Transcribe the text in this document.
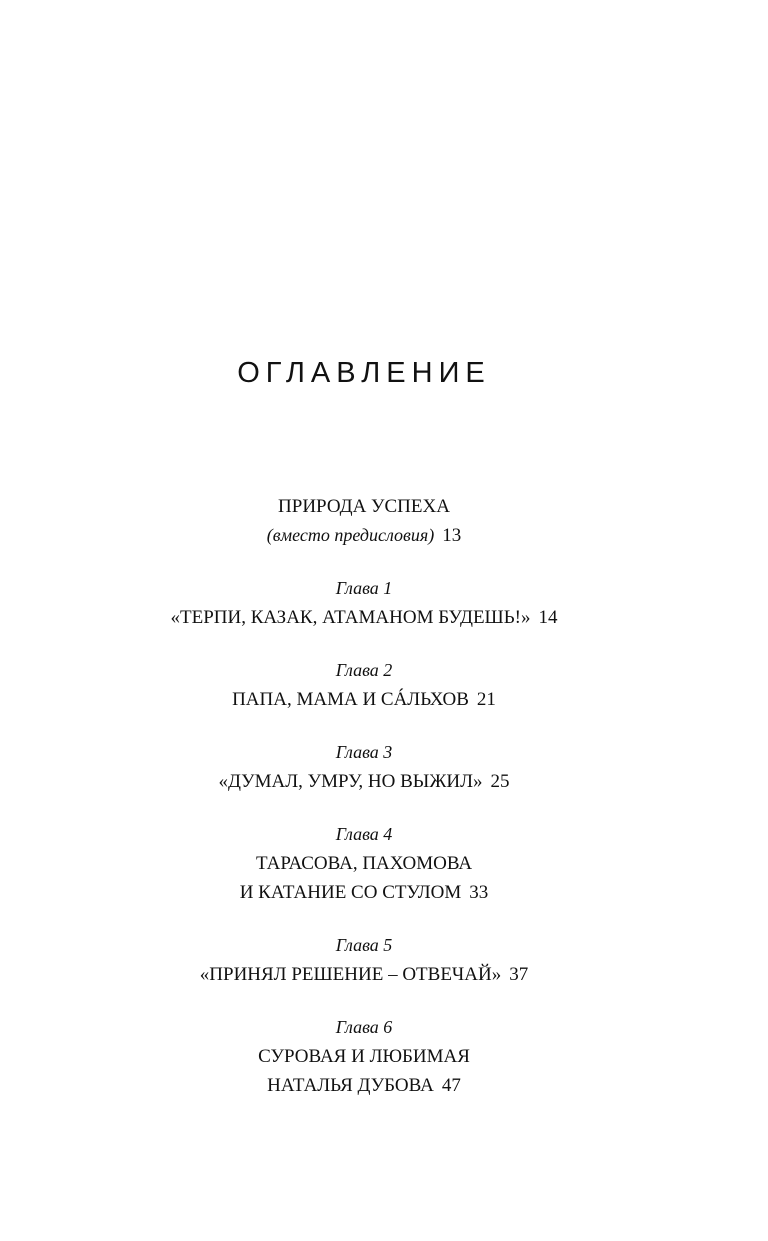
ОГЛАВЛЕНИЕ
ПРИРОДА УСПЕХА
(вместо предисловия) 13
Глава 1
«ТЕРПИ, КАЗАК, АТАМАНОМ БУДЕШЬ!» 14
Глава 2
ПАПА, МАМА И СÁЛЬХОВ 21
Глава 3
«ДУМАЛ, УМРУ, НО ВЫЖИЛ» 25
Глава 4
ТАРАСОВА, ПАХОМОВА
И КАТАНИЕ СО СТУЛОМ 33
Глава 5
«ПРИНЯЛ РЕШЕНИЕ – ОТВЕЧАЙ» 37
Глава 6
СУРОВАЯ И ЛЮБИМАЯ
НАТАЛЬЯ ДУБОВА 47
